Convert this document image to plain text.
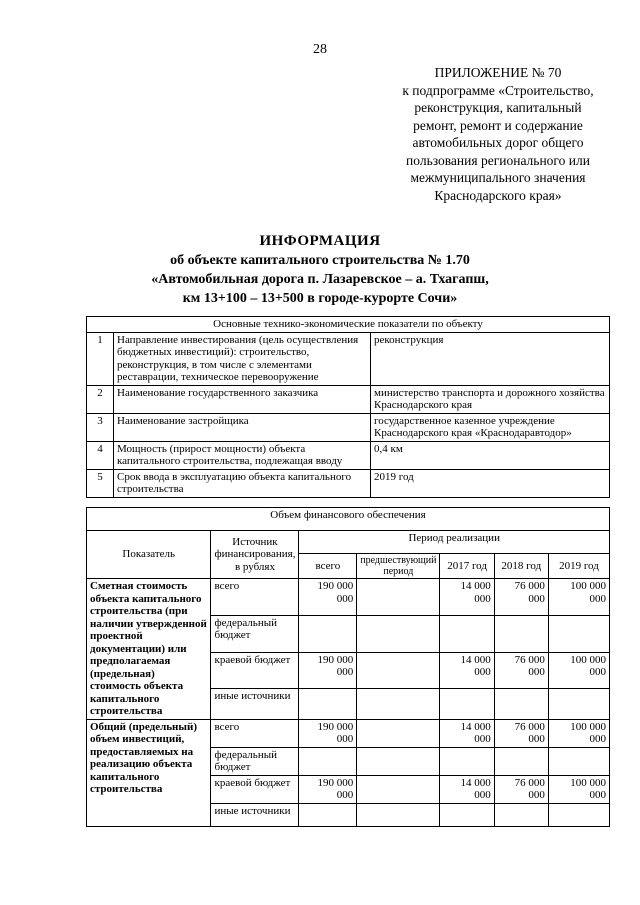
28
ПРИЛОЖЕНИЕ № 70
к подпрограмме «Строительство,
реконструкция, капитальный
ремонт, ремонт и содержание
автомобильных дорог общего
пользования регионального или
межмуниципального значения
Краснодарского края»
ИНФОРМАЦИЯ
об объекте капитального строительства № 1.70
«Автомобильная дорога п. Лазаревское – а. Тхагапш,
км 13+100 – 13+500 в городе-курорте Сочи»
Основные технико-экономические показатели по объекту		
1	Направление инвестирования (цель осуществления бюджетных инвестиций): строительство, реконструкция, в том числе с элементами реставрации, техническое перевооружение	реконструкция
2	Наименование государственного заказчика	министерство транспорта и дорожного хозяйства Краснодарского края
3	Наименование застройщика	государственное казенное учреждение Краснодарского края «Краснодаравтодор»
4	Мощность (прирост мощности) объекта капитального строительства, подлежащая вводу	0,4 км
5	Срок ввода в эксплуатацию объекта капитального строительства	2019 год
Объем финансового обеспечения						
Показатель	Источник финансирования, в рублях	Период реализации				
		всего	предшествующий период	2017 год	2018 год	2019 год
Сметная стоимость объекта капитального строительства (при наличии утвержденной проектной документации) или предполагаемая (предельная) стоимость объекта капитального строительства	всего	190 000 000		14 000 000	76 000 000	100 000 000
	федеральный бюджет					
	краевой бюджет	190 000 000		14 000 000	76 000 000	100 000 000
	иные источники					
Общий (предельный) объем инвестиций, предоставляемых на реализацию объекта капитального строительства	всего	190 000 000		14 000 000	76 000 000	100 000 000
	федеральный бюджет					
	краевой бюджет	190 000 000		14 000 000	76 000 000	100 000 000
	иные источники					
